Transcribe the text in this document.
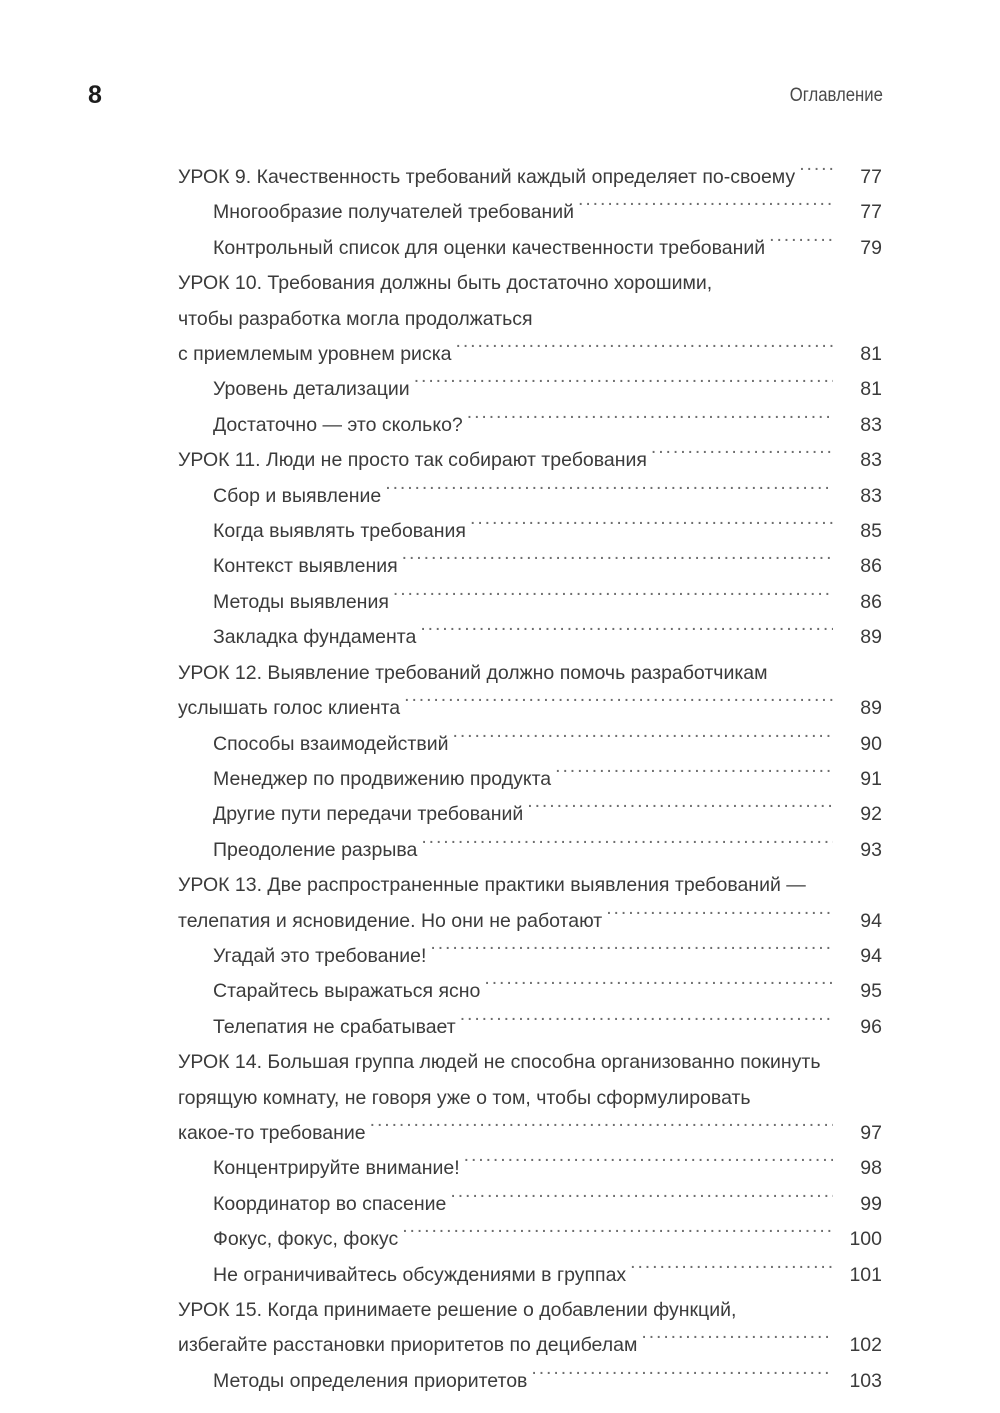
8	Оглавление
УРОК 9. Качественность требований каждый определяет по-своему .....	77
Многообразие получателей требований .....	77
Контрольный список для оценки качественности требований .....	79
УРОК 10. Требования должны быть достаточно хорошими,
чтобы разработка могла продолжаться
с приемлемым уровнем риска .....	81
Уровень детализации .....	81
Достаточно — это сколько? .....	83
УРОК 11. Люди не просто так собирают требования .....	83
Сбор и выявление .....	83
Когда выявлять требования .....	85
Контекст выявления .....	86
Методы выявления .....	86
Закладка фундамента .....	89
УРОК 12. Выявление требований должно помочь разработчикам
услышать голос клиента .....	89
Способы взаимодействий .....	90
Менеджер по продвижению продукта .....	91
Другие пути передачи требований .....	92
Преодоление разрыва .....	93
УРОК 13. Две распространенные практики выявления требований —
телепатия и ясновидение. Но они не работают .....	94
Угадай это требование! .....	94
Старайтесь выражаться ясно .....	95
Телепатия не срабатывает .....	96
УРОК 14. Большая группа людей не способна организованно покинуть
горящую комнату, не говоря уже о том, чтобы сформулировать
какое-то требование .....	97
Концентрируйте внимание! .....	98
Координатор во спасение .....	99
Фокус, фокус, фокус .....	100
Не ограничивайтесь обсуждениями в группах .....	101
УРОК 15. Когда принимаете решение о добавлении функций,
избегайте расстановки приоритетов по децибелам .....	102
Методы определения приоритетов .....	103
